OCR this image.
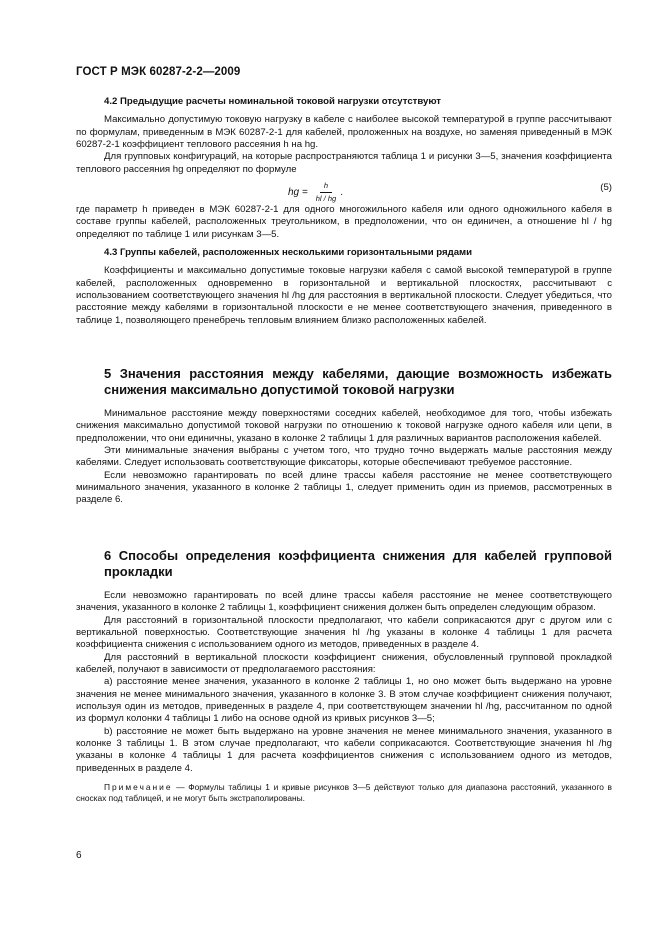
ГОСТ Р МЭК 60287-2-2—2009

4.2 Предыдущие расчеты номинальной токовой нагрузки отсутствуют

Максимально допустимую токовую нагрузку в кабеле с наиболее высокой температурой в группе рассчитывают по формулам, приведенным в МЭК 60287-2-1 для кабелей, проложенных на воздухе, но заменяя приведенный в МЭК 60287-2-1 коэффициент теплового рассеяния h на hg.

Для групповых конфигураций, на которые распространяются таблица 1 и рисунки 3—5, значения коэффициента теплового рассеяния hg определяют по формуле

hg = $\frac{h}{hl / hg}$ .	(5)

где параметр h приведен в МЭК 60287-2-1 для одного многожильного кабеля или одного одножильного кабеля в составе группы кабелей, расположенных треугольником, в предположении, что он единичен, а отношение hl / hg определяют по таблице 1 или рисункам 3—5.

4.3 Группы кабелей, расположенных несколькими горизонтальными рядами

Коэффициенты и максимально допустимые токовые нагрузки кабеля с самой высокой температурой в группе кабелей, расположенных одновременно в горизонтальной и вертикальной плоскостях, рассчитывают с использованием соответствующего значения hl /hg для расстояния в вертикальной плоскости. Следует убедиться, что расстояние между кабелями в горизонтальной плоскости е не менее соответствующего значения, приведенного в таблице 1, позволяющего пренебречь тепловым влиянием близко расположенных кабелей.

5 Значения расстояния между кабелями, дающие возможность избежать снижения максимально допустимой токовой нагрузки

Минимальное расстояние между поверхностями соседних кабелей, необходимое для того, чтобы избежать снижения максимально допустимой токовой нагрузки по отношению к токовой нагрузке одного кабеля или цепи, в предположении, что они единичны, указано в колонке 2 таблицы 1 для различных вариантов расположения кабелей.

Эти минимальные значения выбраны с учетом того, что трудно точно выдержать малые расстояния между кабелями. Следует использовать соответствующие фиксаторы, которые обеспечивают требуемое расстояние.

Если невозможно гарантировать по всей длине трассы кабеля расстояние не менее соответствующего минимального значения, указанного в колонке 2 таблицы 1, следует применить один из приемов, рассмотренных в разделе 6.

6 Способы определения коэффициента снижения для кабелей групповой прокладки

Если невозможно гарантировать по всей длине трассы кабеля расстояние не менее соответствующего значения, указанного в колонке 2 таблицы 1, коэффициент снижения должен быть определен следующим образом.

Для расстояний в горизонтальной плоскости предполагают, что кабели соприкасаются друг с другом или с вертикальной поверхностью. Соответствующие значения hl /hg указаны в колонке 4 таблицы 1 для расчета коэффициента снижения с использованием одного из методов, приведенных в разделе 4.

Для расстояний в вертикальной плоскости коэффициент снижения, обусловленный групповой прокладкой кабелей, получают в зависимости от предполагаемого расстояния:

a) расстояние менее значения, указанного в колонке 2 таблицы 1, но оно может быть выдержано на уровне значения не менее минимального значения, указанного в колонке 3. В этом случае коэффициент снижения получают, используя один из методов, приведенных в разделе 4, при соответствующем значении hl /hg, рассчитанном по одной из формул колонки 4 таблицы 1 либо на основе одной из кривых рисунков 3—5;

b) расстояние не может быть выдержано на уровне значения не менее минимального значения, указанного в колонке 3 таблицы 1. В этом случае предполагают, что кабели соприкасаются. Соответствующие значения hl /hg указаны в колонке 4 таблицы 1 для расчета коэффициентов снижения с использованием одного из методов, приведенных в разделе 4.

Примечание — Формулы таблицы 1 и кривые рисунков 3—5 действуют только для диапазона расстояний, указанного в сносках под таблицей, и не могут быть экстраполированы.

6
